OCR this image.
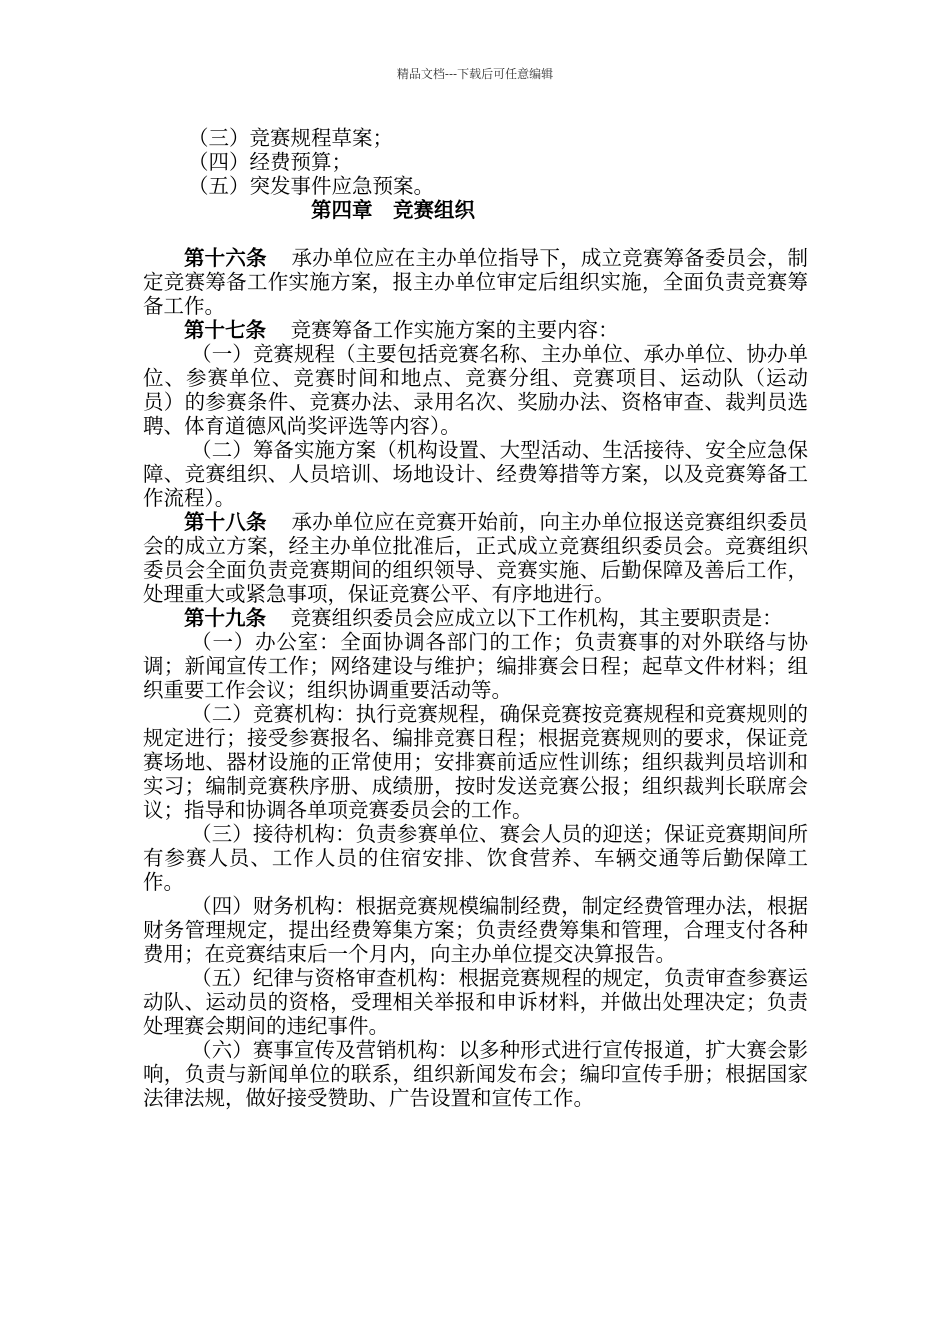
精品文档---下载后可任意编辑

（三）竞赛规程草案；

（四）经费预算；

（五）突发事件应急预案。

第四章　竞赛组织

第十六条 承办单位应在主办单位指导下，成立竞赛筹备委员会，制定竞赛筹备工作实施方案，报主办单位审定后组织实施，全面负责竞赛筹备工作。

第十七条 竞赛筹备工作实施方案的主要内容：

（一）竞赛规程（主要包括竞赛名称、主办单位、承办单位、协办单位、参赛单位、竞赛时间和地点、竞赛分组、竞赛项目、运动队（运动员）的参赛条件、竞赛办法、录用名次、奖励办法、资格审查、裁判员选聘、体育道德风尚奖评选等内容）。

（二）筹备实施方案（机构设置、大型活动、生活接待、安全应急保障、竞赛组织、人员培训、场地设计、经费筹措等方案，以及竞赛筹备工作流程）。

第十八条 承办单位应在竞赛开始前，向主办单位报送竞赛组织委员会的成立方案，经主办单位批准后，正式成立竞赛组织委员会。竞赛组织委员会全面负责竞赛期间的组织领导、竞赛实施、后勤保障及善后工作，处理重大或紧急事项，保证竞赛公平、有序地进行。

第十九条 竞赛组织委员会应成立以下工作机构，其主要职责是：

（一）办公室：全面协调各部门的工作；负责赛事的对外联络与协调；新闻宣传工作；网络建设与维护；编排赛会日程；起草文件材料；组织重要工作会议；组织协调重要活动等。

（二）竞赛机构：执行竞赛规程，确保竞赛按竞赛规程和竞赛规则的规定进行；接受参赛报名、编排竞赛日程；根据竞赛规则的要求，保证竞赛场地、器材设施的正常使用；安排赛前适应性训练；组织裁判员培训和实习；编制竞赛秩序册、成绩册，按时发送竞赛公报；组织裁判长联席会议；指导和协调各单项竞赛委员会的工作。

（三）接待机构：负责参赛单位、赛会人员的迎送；保证竞赛期间所有参赛人员、工作人员的住宿安排、饮食营养、车辆交通等后勤保障工作。

（四）财务机构：根据竞赛规模编制经费，制定经费管理办法，根据财务管理规定，提出经费筹集方案；负责经费筹集和管理，合理支付各种费用；在竞赛结束后一个月内，向主办单位提交决算报告。

（五）纪律与资格审查机构：根据竞赛规程的规定，负责审查参赛运动队、运动员的资格，受理相关举报和申诉材料，并做出处理决定；负责处理赛会期间的违纪事件。

（六）赛事宣传及营销机构：以多种形式进行宣传报道，扩大赛会影响，负责与新闻单位的联系，组织新闻发布会；编印宣传手册；根据国家法律法规，做好接受赞助、广告设置和宣传工作。
